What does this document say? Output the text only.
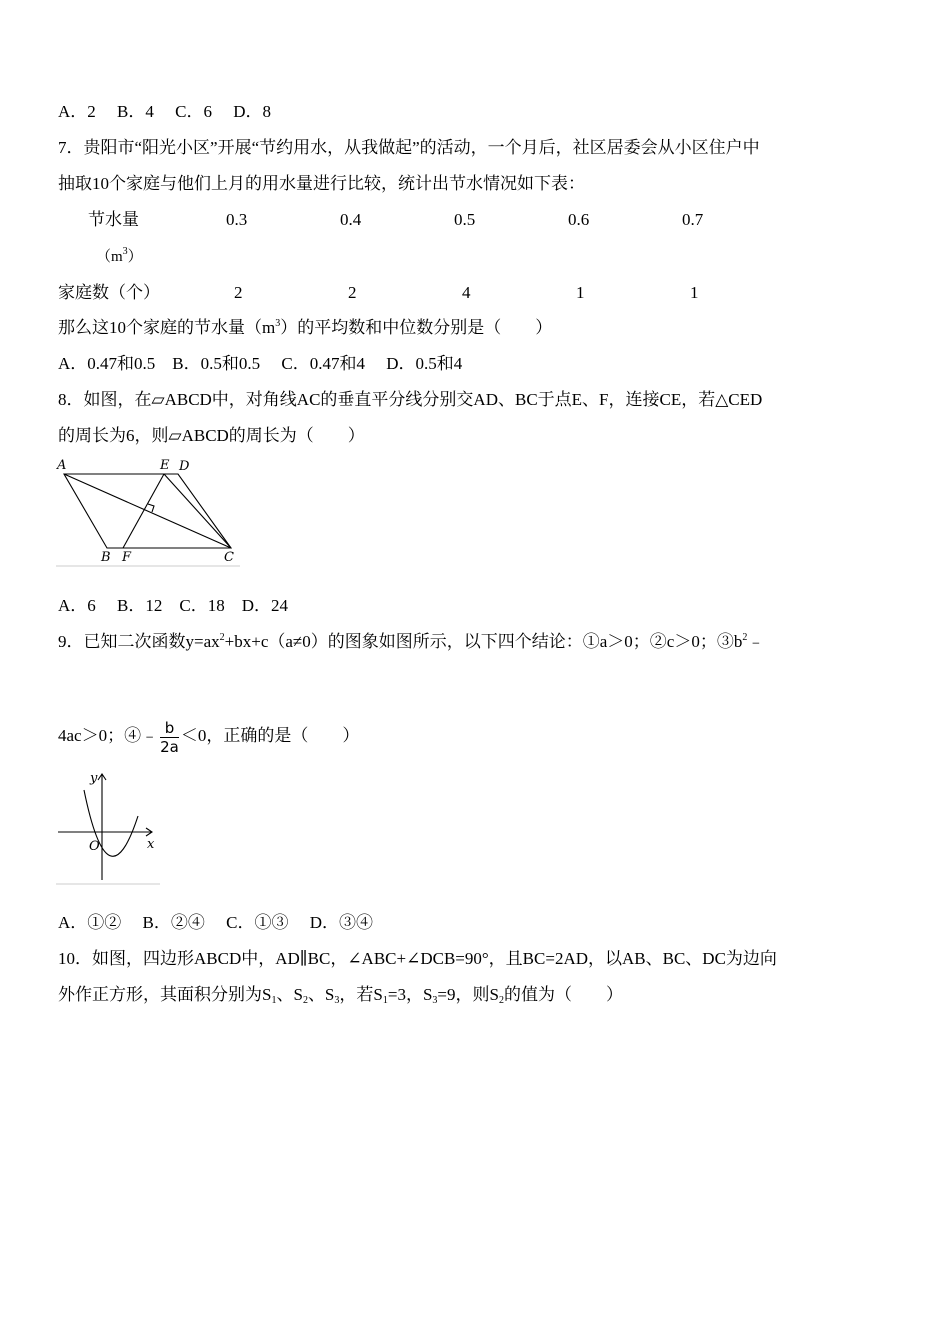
A．2　 B．4　 C．6　 D．8
7．贵阳市“阳光小区”开展“节约用水，从我做起”的活动，一个月后，社区居委会从小区住户中
抽取10个家庭与他们上月的用水量进行比较，统计出节水情况如下表：
节水量	0.3	0.4	0.5	0.6	0.7
$(m^3)$
家庭数（个）	2	2	4	1	1
那么这10个家庭的节水量$(m^3)$的平均数和中位数分别是（　　）
A．0.47和0.5　B．0.5和0.5　 C．0.47和4　 D．0.5和4
8．如图，在▱ABCD中，对角线AC的垂直平分线分别交AD、BC于点E、F，连接CE，若△CED
的周长为6，则▱ABCD的周长为（　　）
A	E D
B F	C
A．6　 B．12　C．18　D．24
9．已知二次函数$y=ax^2+bx+c(a\ne 0)$的图象如图所示，以下四个结论：①a＞0；②c＞0；$③b^2﹣$
4ac＞0；④﹣ $\frac{b}{2a} <0$，正确的是（　　）
y
x
O
A．①②　 B．②④　 C．①③　 D．③④
10．如图，四边形ABCD中，AD∥BC，∠ABC+∠DCB=90°，且BC=2AD，以AB、BC、DC为边向
外作正方形，其面积分别为$S_1$、$S_2$、$S_3$，若$S_1=3$，$S_3=9$，则$S_2$的值为（　　）
